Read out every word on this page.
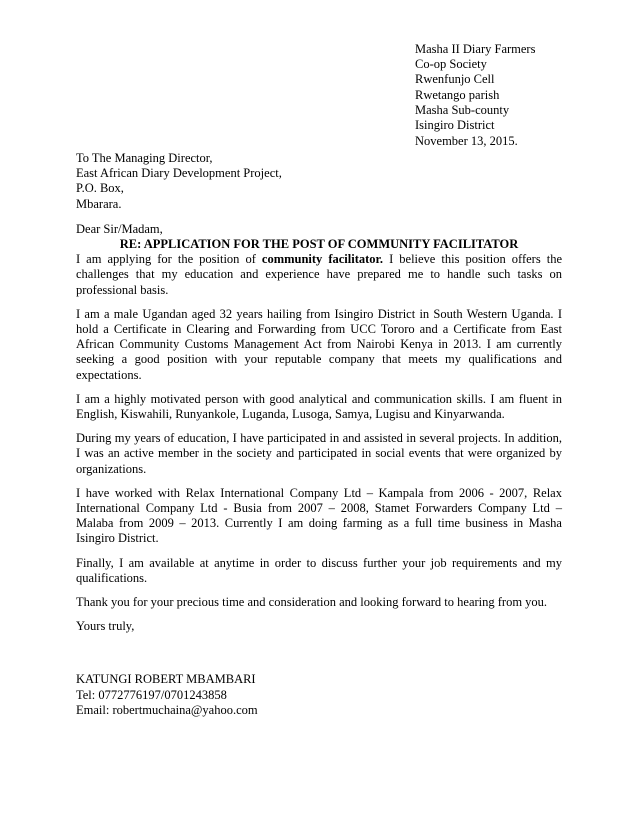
Masha II Diary Farmers
Co-op Society
Rwenfunjo Cell
Rwetango parish
Masha Sub-county
Isingiro District
November 13, 2015.
To The Managing Director,
East African Diary Development Project,
P.O. Box,
Mbarara.

Dear Sir/Madam,

RE: APPLICATION FOR THE POST OF COMMUNITY FACILITATOR

I am applying for the position of community facilitator. I believe this position offers the challenges that my education and experience have prepared me to handle such tasks on professional basis.

I am a male Ugandan aged 32 years hailing from Isingiro District in South Western Uganda. I hold a Certificate in Clearing and Forwarding from UCC Tororo and a Certificate from East African Community Customs Management Act from Nairobi Kenya in 2013. I am currently seeking a good position with your reputable company that meets my qualifications and expectations.

I am a highly motivated person with good analytical and communication skills. I am fluent in English, Kiswahili, Runyankole, Luganda, Lusoga, Samya, Lugisu and Kinyarwanda.

During my years of education, I have participated in and assisted in several projects. In addition, I was an active member in the society and participated in social events that were organized by organizations.

I have worked with Relax International Company Ltd – Kampala from 2006 - 2007, Relax International Company Ltd - Busia from 2007 – 2008, Stamet Forwarders Company Ltd – Malaba from 2009 – 2013. Currently I am doing farming as a full time business in Masha Isingiro District.

Finally, I am available at anytime in order to discuss further your job requirements and my qualifications.

Thank you for your precious time and consideration and looking forward to hearing from you.

Yours truly,

KATUNGI ROBERT MBAMBARI
Tel: 0772776197/0701243858
Email: robertmuchaina@yahoo.com
